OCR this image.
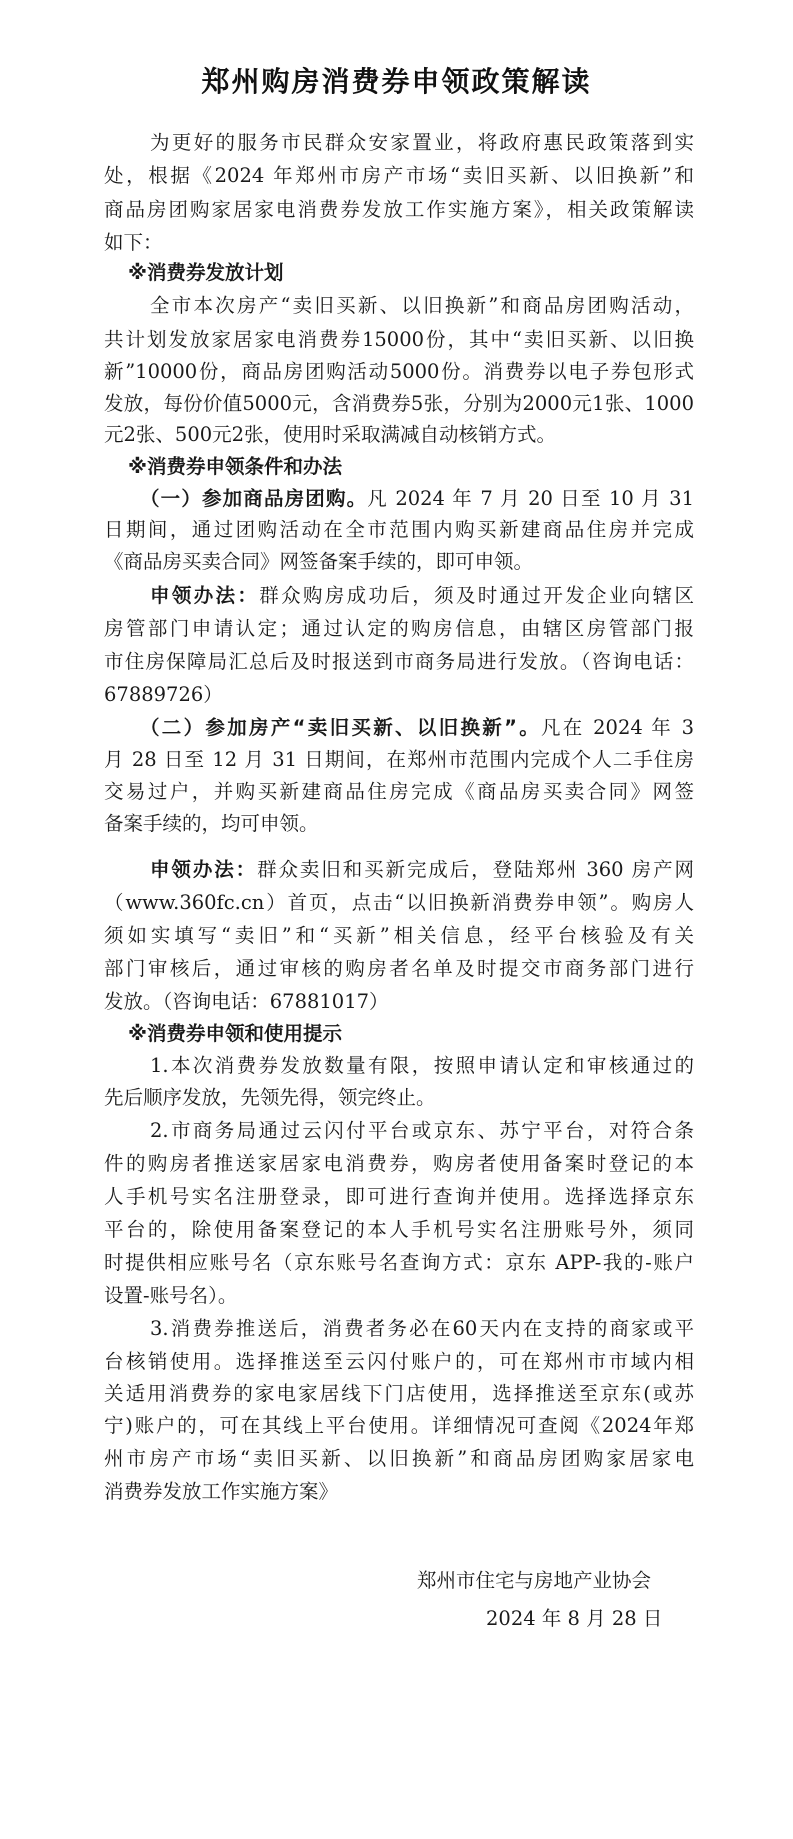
郑州购房消费券申领政策解读
为更好的服务市民群众安家置业，将政府惠民政策落到实
处，根据《2024 年郑州市房产市场“卖旧买新、以旧换新”和
商品房团购家居家电消费券发放工作实施方案》，相关政策解读
如下：
※消费券发放计划
全市本次房产“卖旧买新、以旧换新”和商品房团购活动，
共计划发放家居家电消费券15000份，其中“卖旧买新、以旧换
新”10000份，商品房团购活动5000份。消费券以电子券包形式
发放，每份价值5000元，含消费券5张，分别为2000元1张、1000
元2张、500元2张，使用时采取满减自动核销方式。
※消费券申领条件和办法
（一）参加商品房团购。凡 2024 年 7 月 20 日至 10 月 31
日期间，通过团购活动在全市范围内购买新建商品住房并完成
《商品房买卖合同》网签备案手续的，即可申领。
申领办法：群众购房成功后，须及时通过开发企业向辖区
房管部门申请认定；通过认定的购房信息，由辖区房管部门报
市住房保障局汇总后及时报送到市商务局进行发放。（咨询电话：
67889726）
（二）参加房产“卖旧买新、以旧换新”。凡在 2024 年 3
月 28 日至 12 月 31 日期间，在郑州市范围内完成个人二手住房
交易过户，并购买新建商品住房完成《商品房买卖合同》网签
备案手续的，均可申领。
申领办法：群众卖旧和买新完成后，登陆郑州 360 房产网
（www.360fc.cn）首页，点击“以旧换新消费券申领”。购房人
须如实填写“卖旧”和“买新”相关信息，经平台核验及有关
部门审核后，通过审核的购房者名单及时提交市商务部门进行
发放。（咨询电话：67881017）
※消费券申领和使用提示
1.本次消费券发放数量有限，按照申请认定和审核通过的
先后顺序发放，先领先得，领完终止。
2.市商务局通过云闪付平台或京东、苏宁平台，对符合条
件的购房者推送家居家电消费券，购房者使用备案时登记的本
人手机号实名注册登录，即可进行查询并使用。选择选择京东
平台的，除使用备案登记的本人手机号实名注册账号外，须同
时提供相应账号名（京东账号名查询方式：京东 APP-我的-账户
设置-账号名）。
3.消费券推送后，消费者务必在60天内在支持的商家或平
台核销使用。选择推送至云闪付账户的，可在郑州市市域内相
关适用消费券的家电家居线下门店使用，选择推送至京东(或苏
宁)账户的，可在其线上平台使用。详细情况可查阅《2024年郑
州市房产市场“卖旧买新、以旧换新”和商品房团购家居家电
消费券发放工作实施方案》
郑州市住宅与房地产业协会
2024 年 8 月 28 日
